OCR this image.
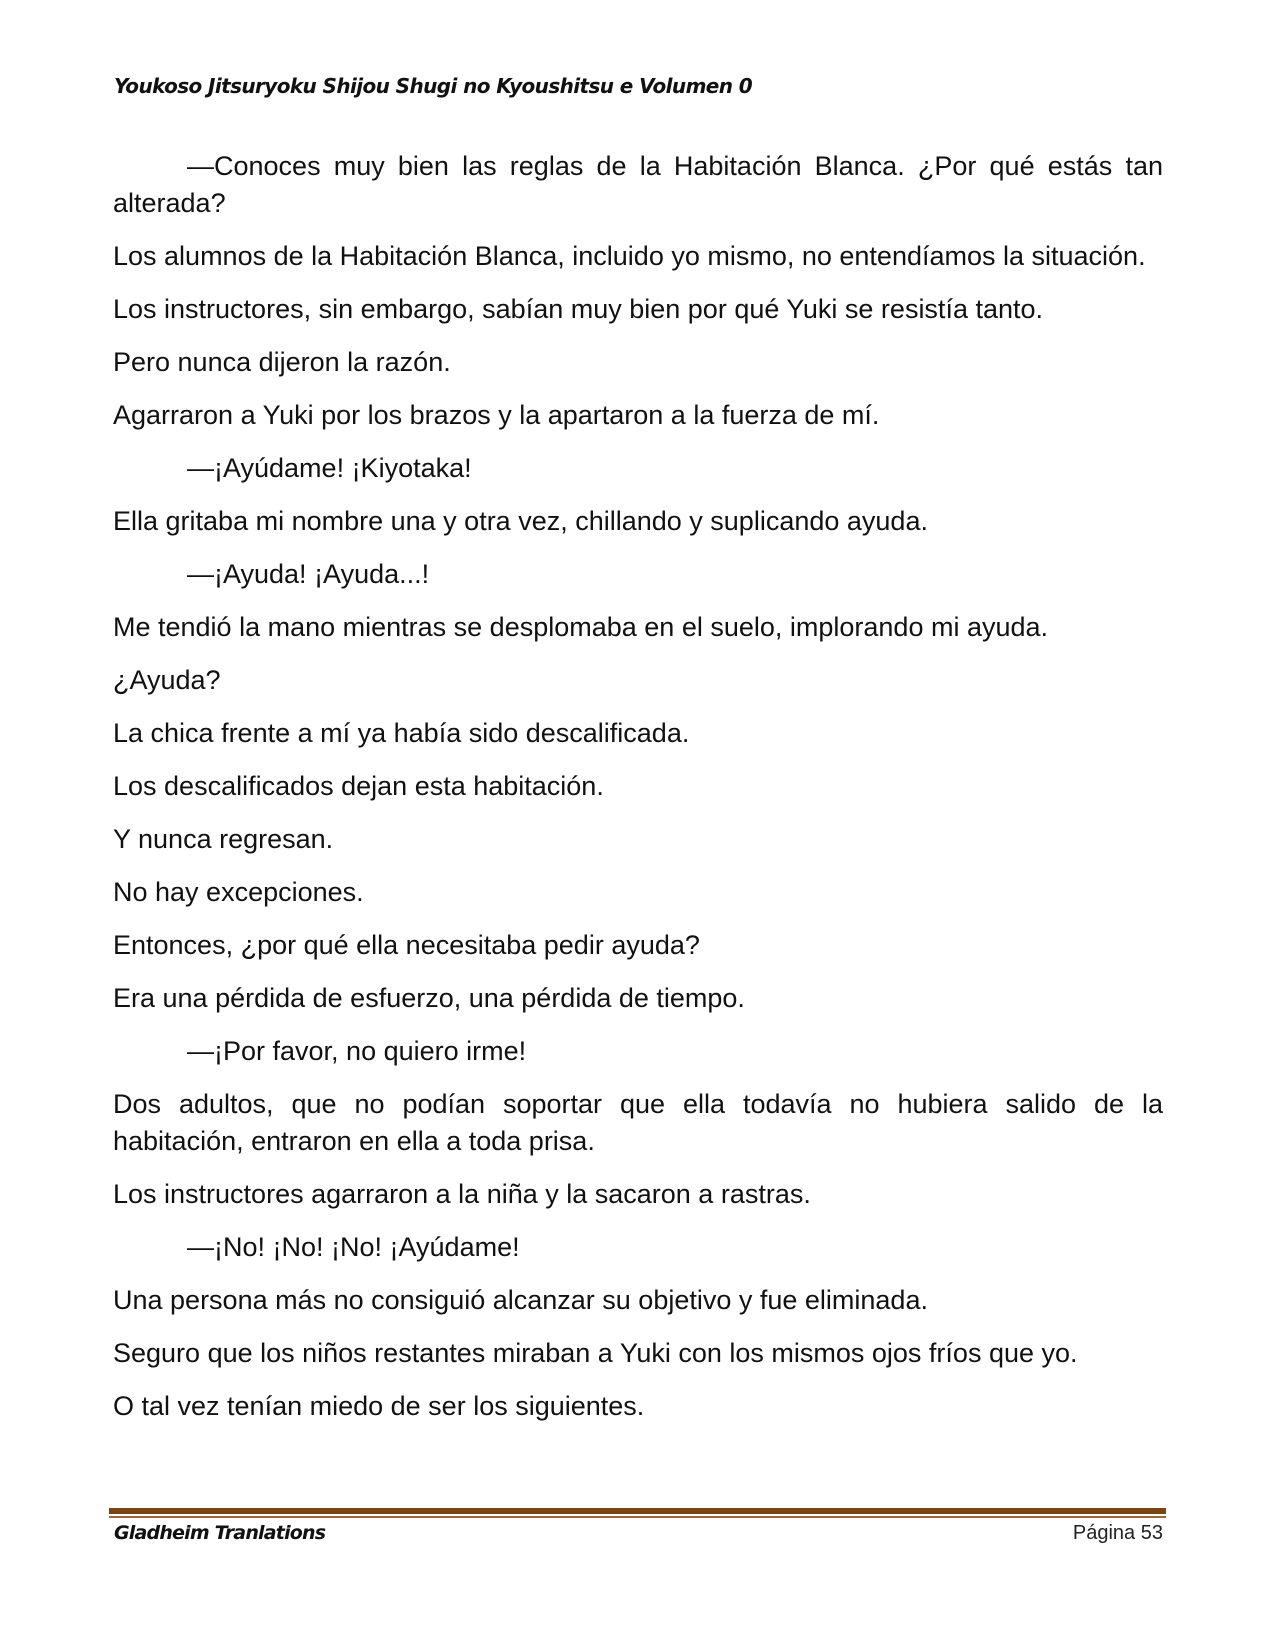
Youkoso Jitsuryoku Shijou Shugi no Kyoushitsu e Volumen 0

—Conoces muy bien las reglas de la Habitación Blanca. ¿Por qué estás tan alterada?

Los alumnos de la Habitación Blanca, incluido yo mismo, no entendíamos la situación.

Los instructores, sin embargo, sabían muy bien por qué Yuki se resistía tanto.

Pero nunca dijeron la razón.

Agarraron a Yuki por los brazos y la apartaron a la fuerza de mí.

—¡Ayúdame! ¡Kiyotaka!

Ella gritaba mi nombre una y otra vez, chillando y suplicando ayuda.

—¡Ayuda! ¡Ayuda...!

Me tendió la mano mientras se desplomaba en el suelo, implorando mi ayuda.

¿Ayuda?

La chica frente a mí ya había sido descalificada.

Los descalificados dejan esta habitación.

Y nunca regresan.

No hay excepciones.

Entonces, ¿por qué ella necesitaba pedir ayuda?

Era una pérdida de esfuerzo, una pérdida de tiempo.

—¡Por favor, no quiero irme!

Dos adultos, que no podían soportar que ella todavía no hubiera salido de la habitación, entraron en ella a toda prisa.

Los instructores agarraron a la niña y la sacaron a rastras.

—¡No! ¡No! ¡No! ¡Ayúdame!

Una persona más no consiguió alcanzar su objetivo y fue eliminada.

Seguro que los niños restantes miraban a Yuki con los mismos ojos fríos que yo.

O tal vez tenían miedo de ser los siguientes.

Gladheim Tranlations	Página 53
